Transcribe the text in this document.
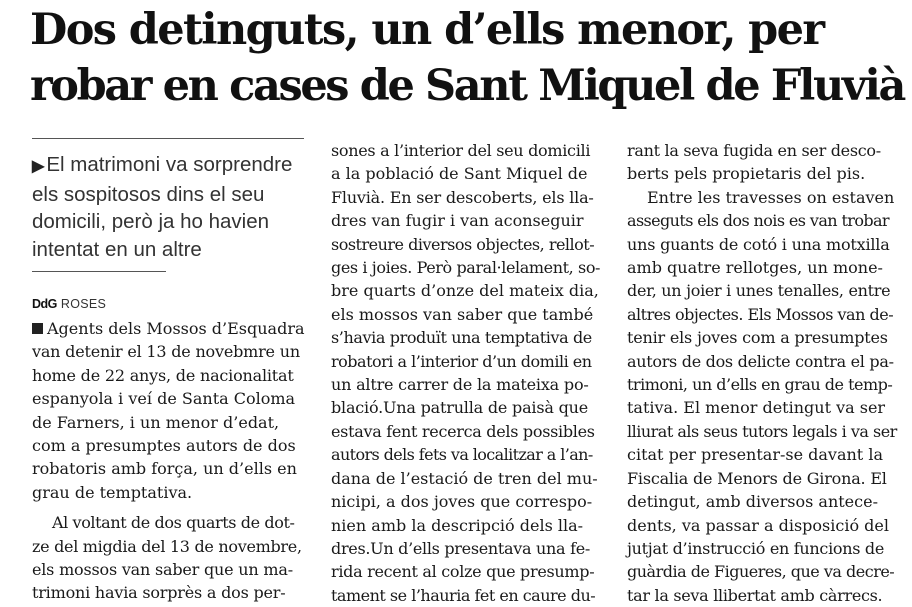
Dos detinguts, un d’ells menor, per
robar en cases de Sant Miquel de Fluvià
▶El matrimoni va sorprendre
els sospitosos dins el seu
domicili, però ja ho havien
intentat en un altre
DdG ROSES
Agents dels Mossos d’Esquadra
van detenir el 13 de novebmre un
home de 22 anys, de nacionalitat
espanyola i veí de Santa Coloma
de Farners, i un menor d’edat,
com a presumptes autors de dos
robatoris amb força, un d’ells en
grau de temptativa.
Al voltant de dos quarts de dot-
ze del migdia del 13 de novembre,
els mossos van saber que un ma-
trimoni havia sorprès a dos per-
sones a l’interior del seu domicili
a la població de Sant Miquel de
Fluvià. En ser descoberts, els lla-
dres van fugir i van aconseguir
sostreure diversos objectes, rellot-
ges i joies. Però paral·lelament, so-
bre quarts d’onze del mateix dia,
els mossos van saber que també
s’havia produït una temptativa de
robatori a l’interior d’un domili en
un altre carrer de la mateixa po-
blació.Una patrulla de paisà que
estava fent recerca dels possibles
autors dels fets va localitzar a l’an-
dana de l’estació de tren del mu-
nicipi, a dos joves que correspo-
nien amb la descripció dels lla-
dres.Un d’ells presentava una fe-
rida recent al colze que presump-
tament se l’hauria fet en caure du-
rant la seva fugida en ser desco-
berts pels propietaris del pis.
Entre les travesses on estaven
asseguts els dos nois es van trobar
uns guants de cotó i una motxilla
amb quatre rellotges, un mone-
der, un joier i unes tenalles, entre
altres objectes. Els Mossos van de-
tenir els joves com a presumptes
autors de dos delicte contra el pa-
trimoni, un d’ells en grau de temp-
tativa. El menor detingut va ser
lliurat als seus tutors legals i va ser
citat per presentar-se davant la
Fiscalia de Menors de Girona. El
detingut, amb diversos antece-
dents, va passar a disposició del
jutjat d’instrucció en funcions de
guàrdia de Figueres, que va decre-
tar la seva llibertat amb càrrecs.
